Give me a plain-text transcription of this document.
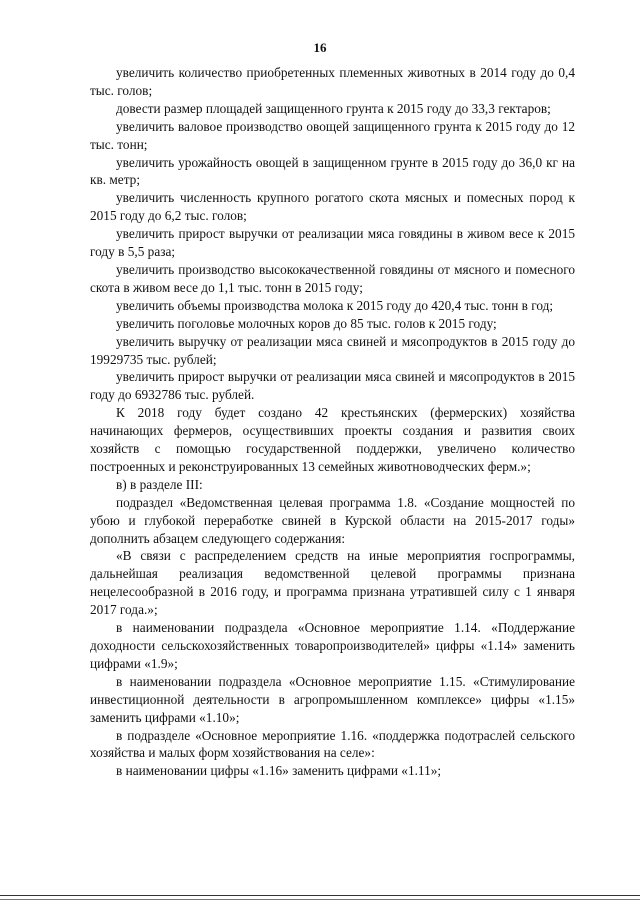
16

увеличить количество приобретенных племенных животных в 2014 году до 0,4 тыс. голов;

довести размер площадей защищенного грунта к 2015 году до 33,3 гектаров;

увеличить валовое производство овощей защищенного грунта к 2015 году до 12 тыс. тонн;

увеличить урожайность овощей в защищенном грунте в 2015 году до 36,0 кг на кв. метр;

увеличить численность крупного рогатого скота мясных и помесных пород к 2015 году до 6,2 тыс. голов;

увеличить прирост выручки от реализации мяса говядины в живом весе к 2015 году в 5,5 раза;

увеличить производство высококачественной говядины от мясного и помесного скота в живом весе до 1,1 тыс. тонн в 2015 году;

увеличить объемы производства молока к 2015 году до 420,4 тыс. тонн в год;

увеличить поголовье молочных коров до 85 тыс. голов к 2015 году;

увеличить выручку от реализации мяса свиней и мясопродуктов в 2015 году до 19929735 тыс. рублей;

увеличить прирост выручки от реализации мяса свиней и мясопродуктов в 2015 году до 6932786 тыс. рублей.

К 2018 году будет создано 42 крестьянских (фермерских) хозяйства начинающих фермеров, осуществивших проекты создания и развития своих хозяйств с помощью государственной поддержки, увеличено количество построенных и реконструированных 13 семейных животноводческих ферм.»;

в) в разделе III:

подраздел «Ведомственная целевая программа 1.8. «Создание мощностей по убою и глубокой переработке свиней в Курской области на 2015-2017 годы» дополнить абзацем следующего содержания:

«В связи с распределением средств на иные мероприятия госпрограммы, дальнейшая реализация ведомственной целевой программы признана нецелесообразной в 2016 году, и программа признана утратившей силу с 1 января 2017 года.»;

в наименовании подраздела «Основное мероприятие 1.14. «Поддержание доходности сельскохозяйственных товаропроизводителей» цифры «1.14» заменить цифрами «1.9»;

в наименовании подраздела «Основное мероприятие 1.15. «Стимулирование инвестиционной деятельности в агропромышленном комплексе» цифры «1.15» заменить цифрами «1.10»;

в подразделе «Основное мероприятие 1.16. «поддержка подотраслей сельского хозяйства и малых форм хозяйствования на селе»:

в наименовании цифры «1.16» заменить цифрами «1.11»;
